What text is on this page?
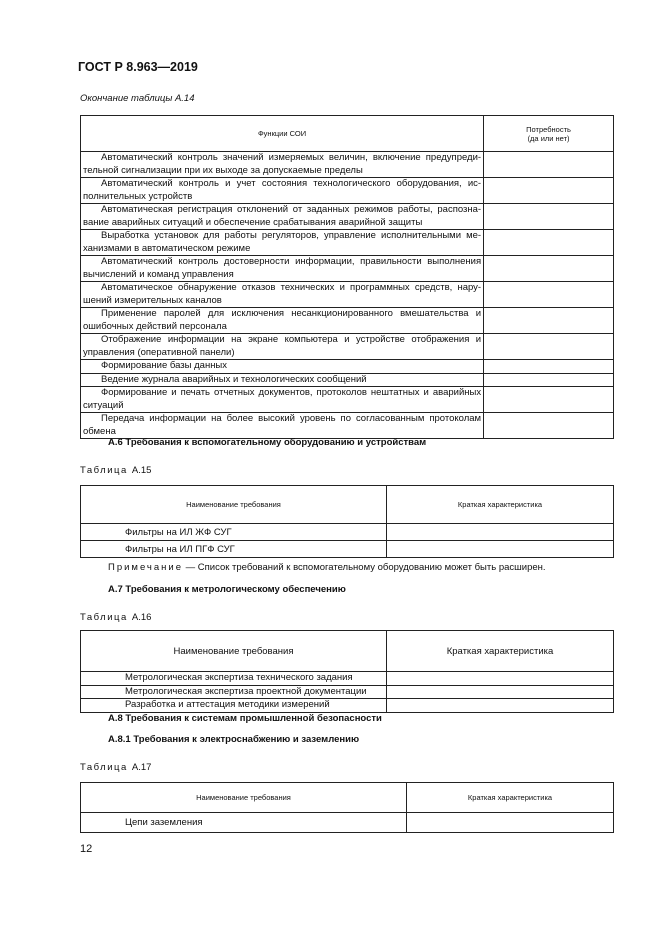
ГОСТ Р 8.963—2019
Окончание таблицы А.14
Функции СОИ	Потребность
(да или нет)

Автоматический контроль значений измеряемых величин, включение предупредительной сигнализации при их выходе за допускаемые пределы	
Автоматический контроль и учет состояния технологического оборудования, исполнительных устройств	
Автоматическая регистрация отклонений от заданных режимов работы, распознавание аварийных ситуаций и обеспечение срабатывания аварийной защиты	
Выработка установок для работы регуляторов, управление исполнительными механизмами в автоматическом режиме	
Автоматический контроль достоверности информации, правильности выполнения вычислений и команд управления	
Автоматическое обнаружение отказов технических и программных средств, нарушений измерительных каналов	
Применение паролей для исключения несанкционированного вмешательства и ошибочных действий персонала	
Отображение информации на экране компьютера и устройстве отображения и управления (оперативной панели)	
Формирование базы данных	
Ведение журнала аварийных и технологических сообщений	
Формирование и печать отчетных документов, протоколов нештатных и аварийных ситуаций	
Передача информации на более высокий уровень по согласованным протоколам обмена	
А.6 Требования к вспомогательному оборудованию и устройствам
Таблица А.15
Наименование требования	Краткая характеристика
Фильтры на ИЛ ЖФ СУГ	
Фильтры на ИЛ ПГФ СУГ	
Примечание — Список требований к вспомогательному оборудованию может быть расширен.
А.7 Требования к метрологическому обеспечению
Таблица А.16
Наименование требования	Краткая характеристика
Метрологическая экспертиза технического задания	
Метрологическая экспертиза проектной документации	
Разработка и аттестация методики измерений	
А.8 Требования к системам промышленной безопасности
А.8.1 Требования к электроснабжению и заземлению
Таблица А.17
Наименование требования	Краткая характеристика
Цепи заземления	
12
